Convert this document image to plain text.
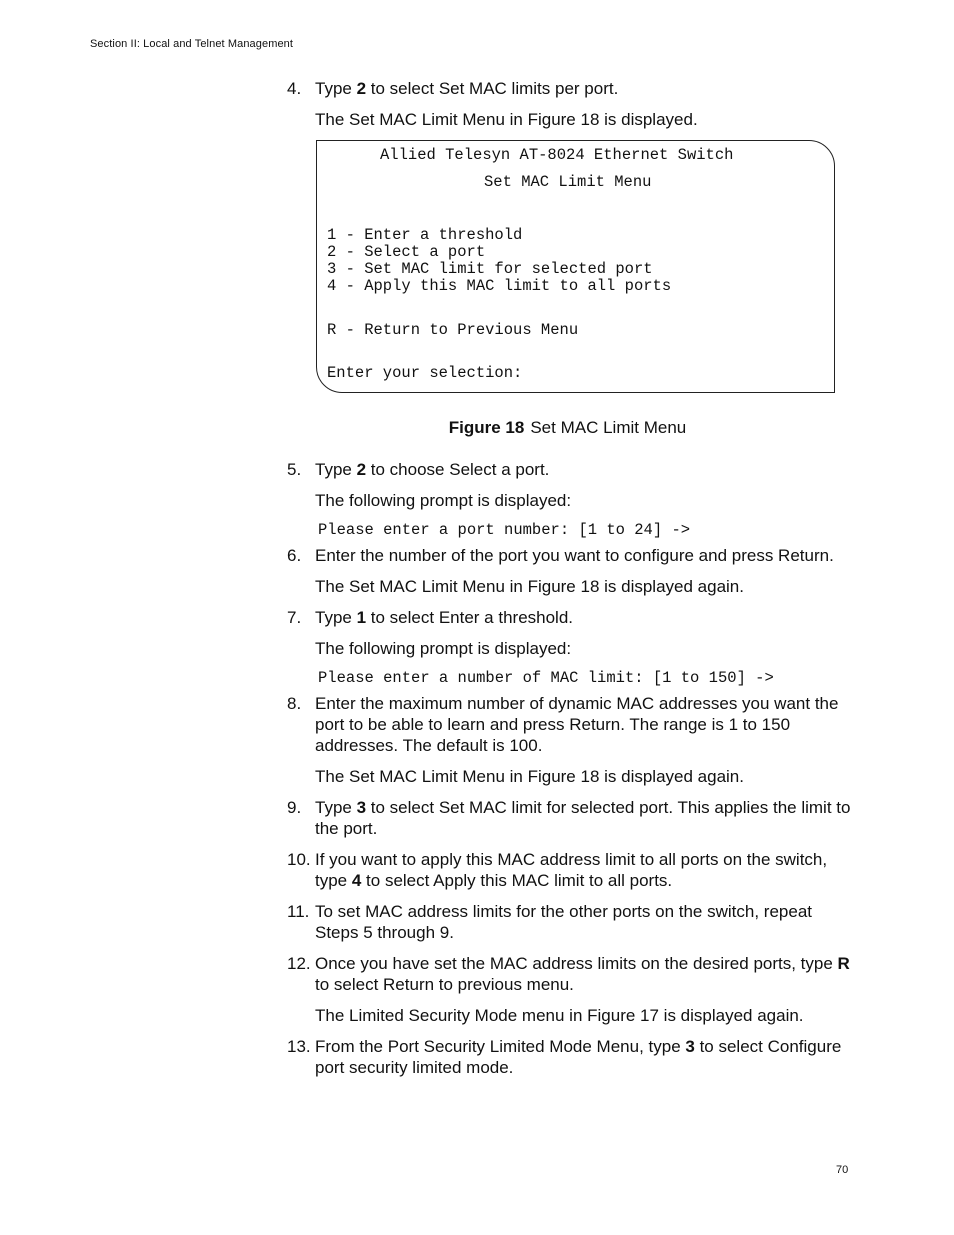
Section II: Local and Telnet Management
4. Type 2 to select Set MAC limits per port.
The Set MAC Limit Menu in Figure 18 is displayed.
Allied Telesyn AT-8024 Ethernet Switch
Set MAC Limit Menu
1 - Enter a threshold
2 - Select a port
3 - Set MAC limit for selected port
4 - Apply this MAC limit to all ports
R - Return to Previous Menu
Enter your selection:
Figure 18 Set MAC Limit Menu
5. Type 2 to choose Select a port.
The following prompt is displayed:
Please enter a port number: [1 to 24] ->
6. Enter the number of the port you want to configure and press Return.
The Set MAC Limit Menu in Figure 18 is displayed again.
7. Type 1 to select Enter a threshold.
The following prompt is displayed:
Please enter a number of MAC limit: [1 to 150] ->
8. Enter the maximum number of dynamic MAC addresses you want the port to be able to learn and press Return. The range is 1 to 150 addresses. The default is 100.
The Set MAC Limit Menu in Figure 18 is displayed again.
9. Type 3 to select Set MAC limit for selected port. This applies the limit to the port.
10. If you want to apply this MAC address limit to all ports on the switch, type 4 to select Apply this MAC limit to all ports.
11. To set MAC address limits for the other ports on the switch, repeat Steps 5 through 9.
12. Once you have set the MAC address limits on the desired ports, type R to select Return to previous menu.
The Limited Security Mode menu in Figure 17 is displayed again.
13. From the Port Security Limited Mode Menu, type 3 to select Configure port security limited mode.
70
